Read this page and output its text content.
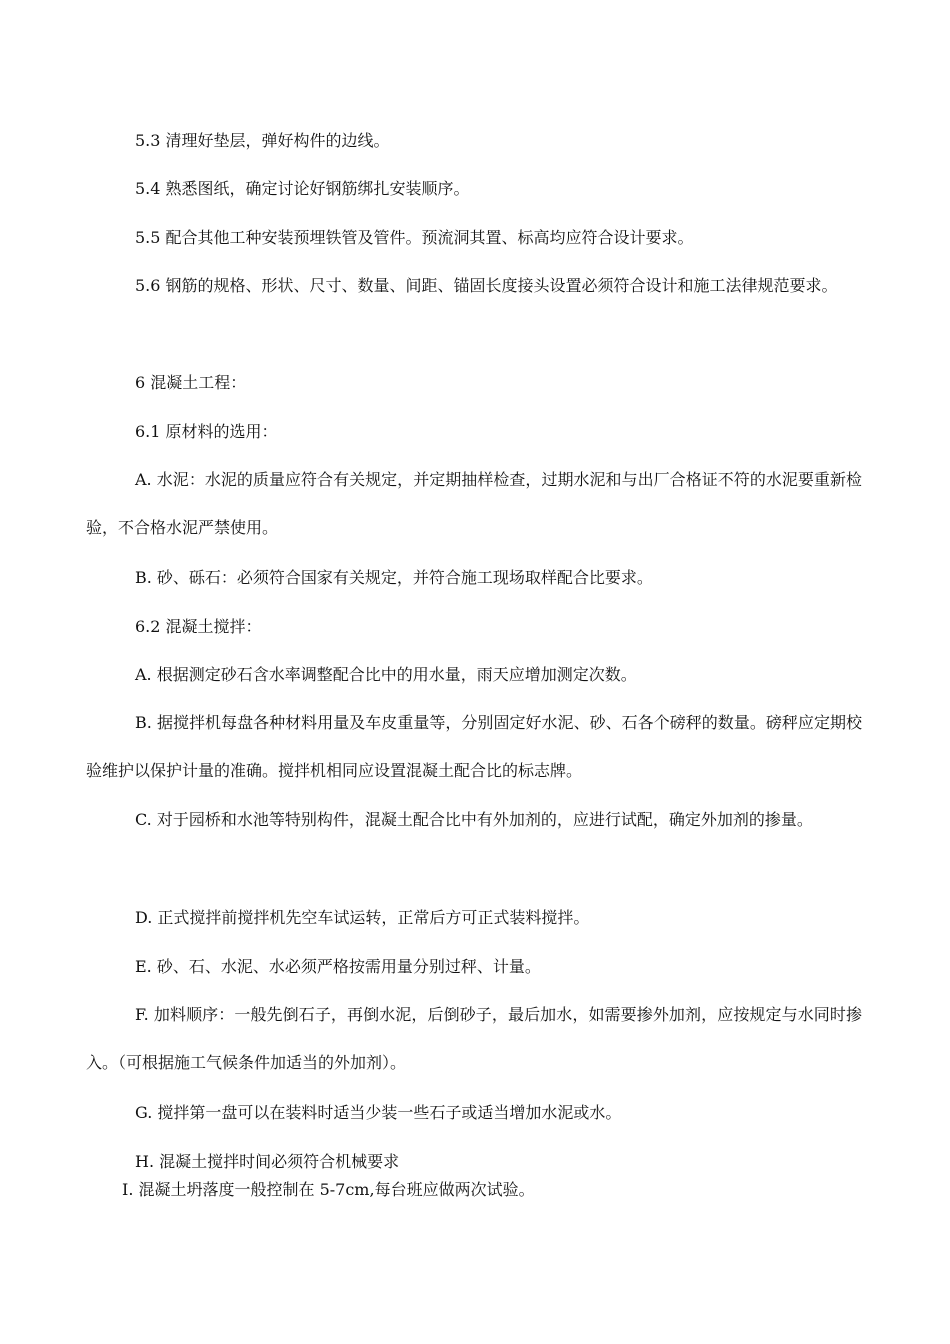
5.3 清理好垫层，弹好构件的边线。
5.4 熟悉图纸，确定讨论好钢筋绑扎安装顺序。
5.5 配合其他工种安装预埋铁管及管件。预流洞其置、标高均应符合设计要求。
5.6 钢筋的规格、形状、尺寸、数量、间距、锚固长度接头设置必须符合设计和施工法律规范要求。
6 混凝土工程：
6.1 原材料的选用：
A. 水泥：水泥的质量应符合有关规定，并定期抽样检查，过期水泥和与出厂合格证不符的水泥要重新检验，不合格水泥严禁使用。
B. 砂、砾石：必须符合国家有关规定，并符合施工现场取样配合比要求。
6.2 混凝土搅拌：
A. 根据测定砂石含水率调整配合比中的用水量，雨天应增加测定次数。
B. 据搅拌机每盘各种材料用量及车皮重量等，分别固定好水泥、砂、石各个磅秤的数量。磅秤应定期校验维护以保护计量的准确。搅拌机相同应设置混凝土配合比的标志牌。
C. 对于园桥和水池等特别构件，混凝土配合比中有外加剂的，应进行试配，确定外加剂的掺量。
D. 正式搅拌前搅拌机先空车试运转，正常后方可正式装料搅拌。
E. 砂、石、水泥、水必须严格按需用量分别过秤、计量。
F. 加料顺序：一般先倒石子，再倒水泥，后倒砂子，最后加水，如需要掺外加剂，应按规定与水同时掺入。（可根据施工气候条件加适当的外加剂）。
G. 搅拌第一盘可以在装料时适当少装一些石子或适当增加水泥或水。
H. 混凝土搅拌时间必须符合机械要求
I. 混凝土坍落度一般控制在 5-7cm,每台班应做两次试验。
